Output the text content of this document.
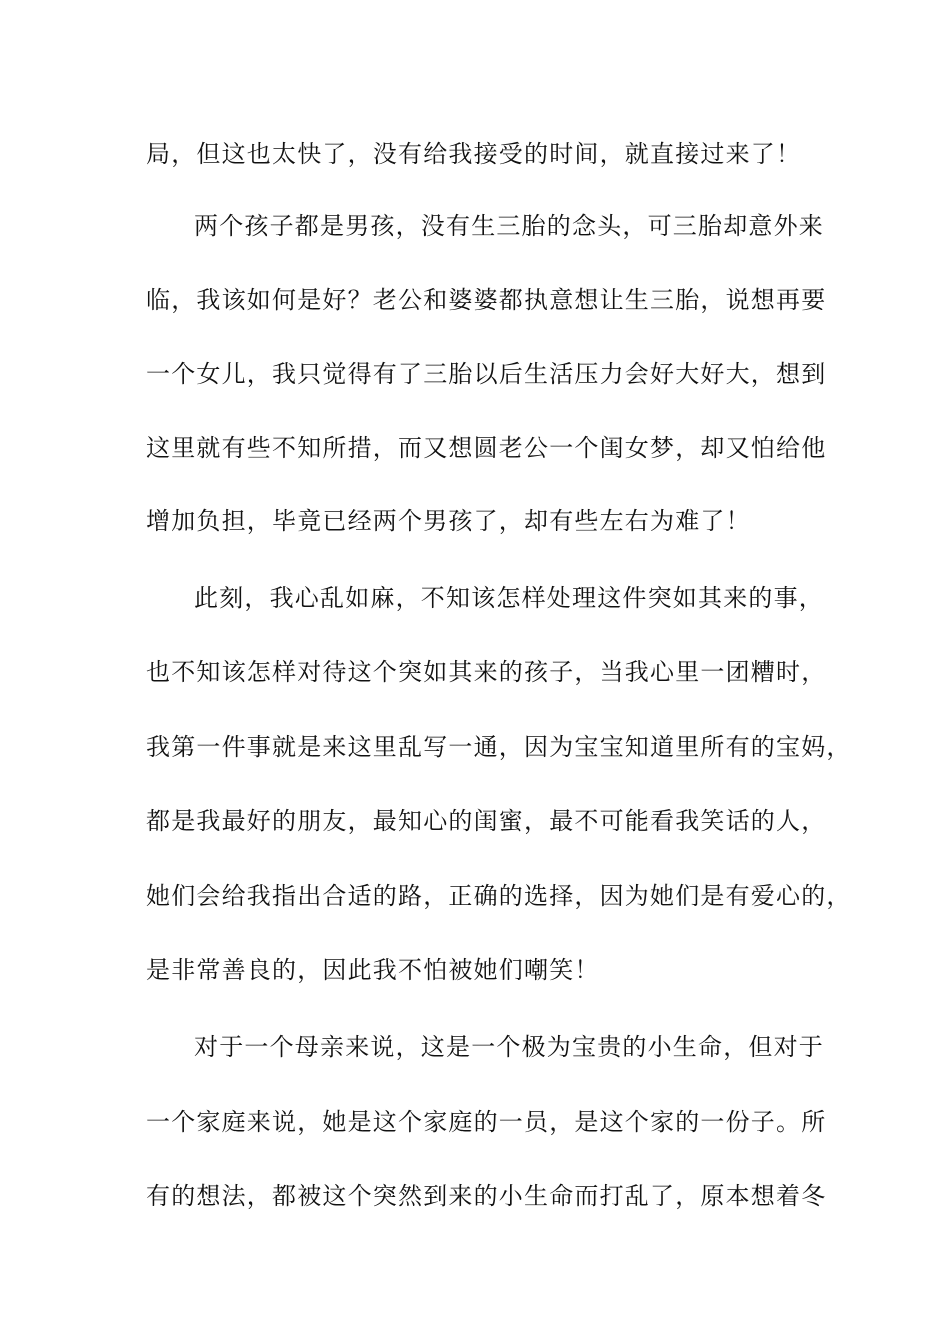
局，但这也太快了，没有给我接受的时间，就直接过来了！
两个孩子都是男孩，没有生三胎的念头，可三胎却意外来
临，我该如何是好？老公和婆婆都执意想让生三胎，说想再要
一个女儿，我只觉得有了三胎以后生活压力会好大好大，想到
这里就有些不知所措，而又想圆老公一个闺女梦，却又怕给他
增加负担，毕竟已经两个男孩了，却有些左右为难了！
此刻，我心乱如麻，不知该怎样处理这件突如其来的事，
也不知该怎样对待这个突如其来的孩子，当我心里一团糟时，
我第一件事就是来这里乱写一通，因为宝宝知道里所有的宝妈，
都是我最好的朋友，最知心的闺蜜，最不可能看我笑话的人，
她们会给我指出合适的路，正确的选择，因为她们是有爱心的，
是非常善良的，因此我不怕被她们嘲笑！
对于一个母亲来说，这是一个极为宝贵的小生命，但对于
一个家庭来说，她是这个家庭的一员，是这个家的一份子。所
有的想法，都被这个突然到来的小生命而打乱了，原本想着冬
